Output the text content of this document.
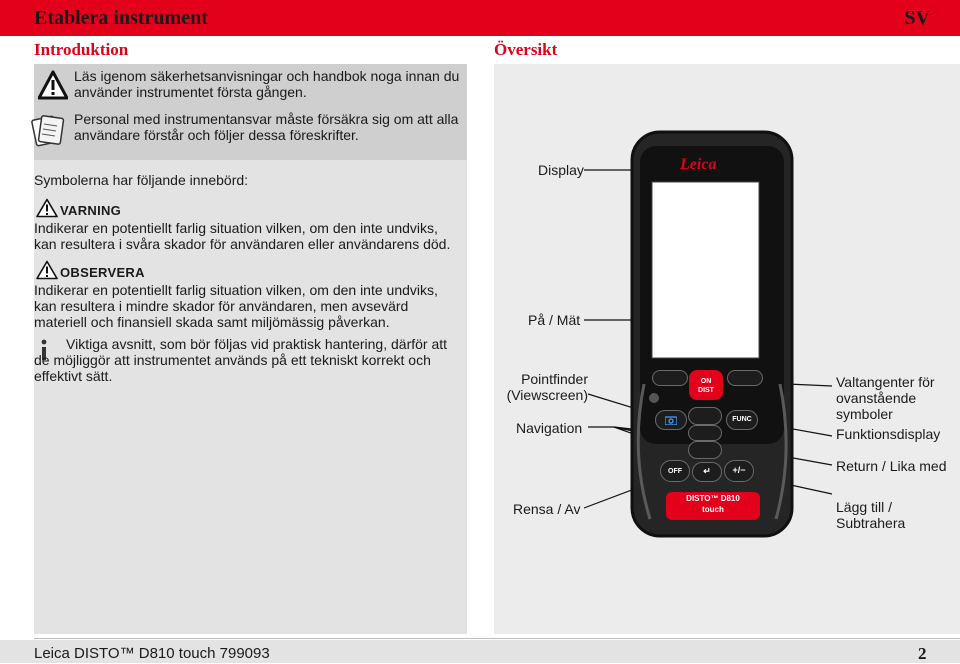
Etablera instrument	SV
Introduktion	Översikt
Läs igenom säkerhetsanvisningar och handbok noga innan du använder instrumentet första gången.
Personal med instrumentansvar måste försäkra sig om att alla användare förstår och följer dessa föreskrifter.
Symbolerna har följande innebörd:
VARNING
Indikerar en potentiellt farlig situation vilken, om den inte undviks, kan resultera i svåra skador för användaren eller användarens död.
OBSERVERA
Indikerar en potentiellt farlig situation vilken, om den inte undviks, kan resultera i mindre skador för användaren, men avsevärd materiell och finansiell skada samt miljömässig påverkan.
Viktiga avsnitt, som bör följas vid praktisk hantering, därför att de möjliggör att instrumentet används på ett tekniskt korrekt och effektivt sätt.
Leica
ON
DIST
FUNC
OFF	+/−
↵
DISTO™ D810
touch
Display
På / Mät
Pointfinder (Viewscreen)
Navigation
Rensa / Av
Valtangenter för ovanstående symboler
Funktionsdisplay
Return / Lika med
Lägg till / Subtrahera
Leica DISTO™ D810 touch 799093	2
